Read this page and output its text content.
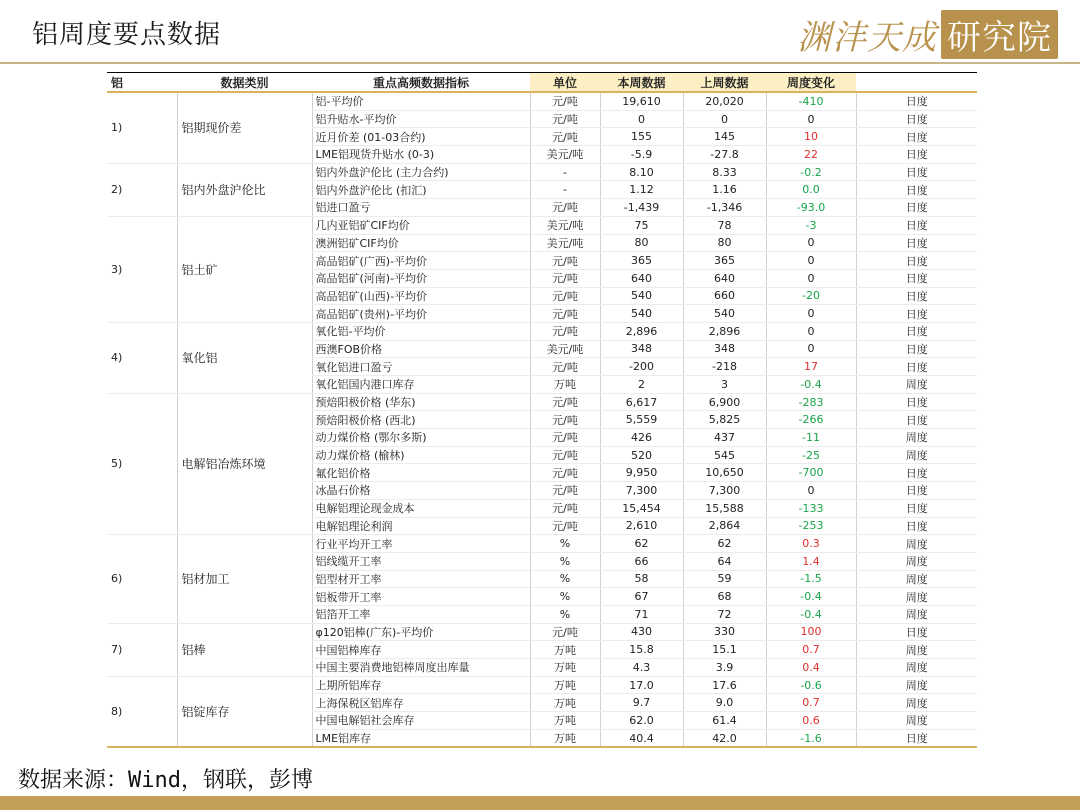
铝周度要点数据	渊沣天成 研究院
铝	数据类别	重点高频数据指标	单位	本周数据	上周数据	周度变化	
1)	铝期现价差	铝-平均价	元/吨	19,610	20,020	-410	日度
		铝升贴水-平均价	元/吨	0	0	0	日度
		近月价差 (01-03合约)	元/吨	155	145	10	日度
		LME铝现货升贴水 (0-3)	美元/吨	-5.9	-27.8	22	日度
2)	铝内外盘沪伦比	铝内外盘沪伦比 (主力合约)	-	8.10	8.33	-0.2	日度
		铝内外盘沪伦比 (扣汇)	-	1.12	1.16	0.0	日度
		铝进口盈亏	元/吨	-1,439	-1,346	-93.0	日度
3)	铝土矿	几内亚铝矿CIF均价	美元/吨	75	78	-3	日度
		澳洲铝矿CIF均价	美元/吨	80	80	0	日度
		高品铝矿(广西)-平均价	元/吨	365	365	0	日度
		高品铝矿(河南)-平均价	元/吨	640	640	0	日度
		高品铝矿(山西)-平均价	元/吨	540	660	-20	日度
		高品铝矿(贵州)-平均价	元/吨	540	540	0	日度
4)	氧化铝	氧化铝-平均价	元/吨	2,896	2,896	0	日度
		西澳FOB价格	美元/吨	348	348	0	日度
		氧化铝进口盈亏	元/吨	-200	-218	17	日度
		氧化铝国内港口库存	万吨	2	3	-0.4	周度
5)	电解铝冶炼环境	预焙阳极价格 (华东)	元/吨	6,617	6,900	-283	日度
		预焙阳极价格 (西北)	元/吨	5,559	5,825	-266	日度
		动力煤价格 (鄂尔多斯)	元/吨	426	437	-11	周度
		动力煤价格 (榆林)	元/吨	520	545	-25	周度
		氟化铝价格	元/吨	9,950	10,650	-700	日度
		冰晶石价格	元/吨	7,300	7,300	0	日度
		电解铝理论现金成本	元/吨	15,454	15,588	-133	日度
		电解铝理论利润	元/吨	2,610	2,864	-253	日度
6)	铝材加工	行业平均开工率	%	62	62	0.3	周度
		铝线缆开工率	%	66	64	1.4	周度
		铝型材开工率	%	58	59	-1.5	周度
		铝板带开工率	%	67	68	-0.4	周度
		铝箔开工率	%	71	72	-0.4	周度
7)	铝棒	φ120铝棒(广东)-平均价	元/吨	430	330	100	日度
		中国铝棒库存	万吨	15.8	15.1	0.7	周度
		中国主要消费地铝棒周度出库量	万吨	4.3	3.9	0.4	周度
8)	铝锭库存	上期所铝库存	万吨	17.0	17.6	-0.6	周度
		上海保税区铝库存	万吨	9.7	9.0	0.7	周度
		中国电解铝社会库存	万吨	62.0	61.4	0.6	周度
		LME铝库存	万吨	40.4	42.0	-1.6	日度
数据来源：Wind，钢联，彭博
